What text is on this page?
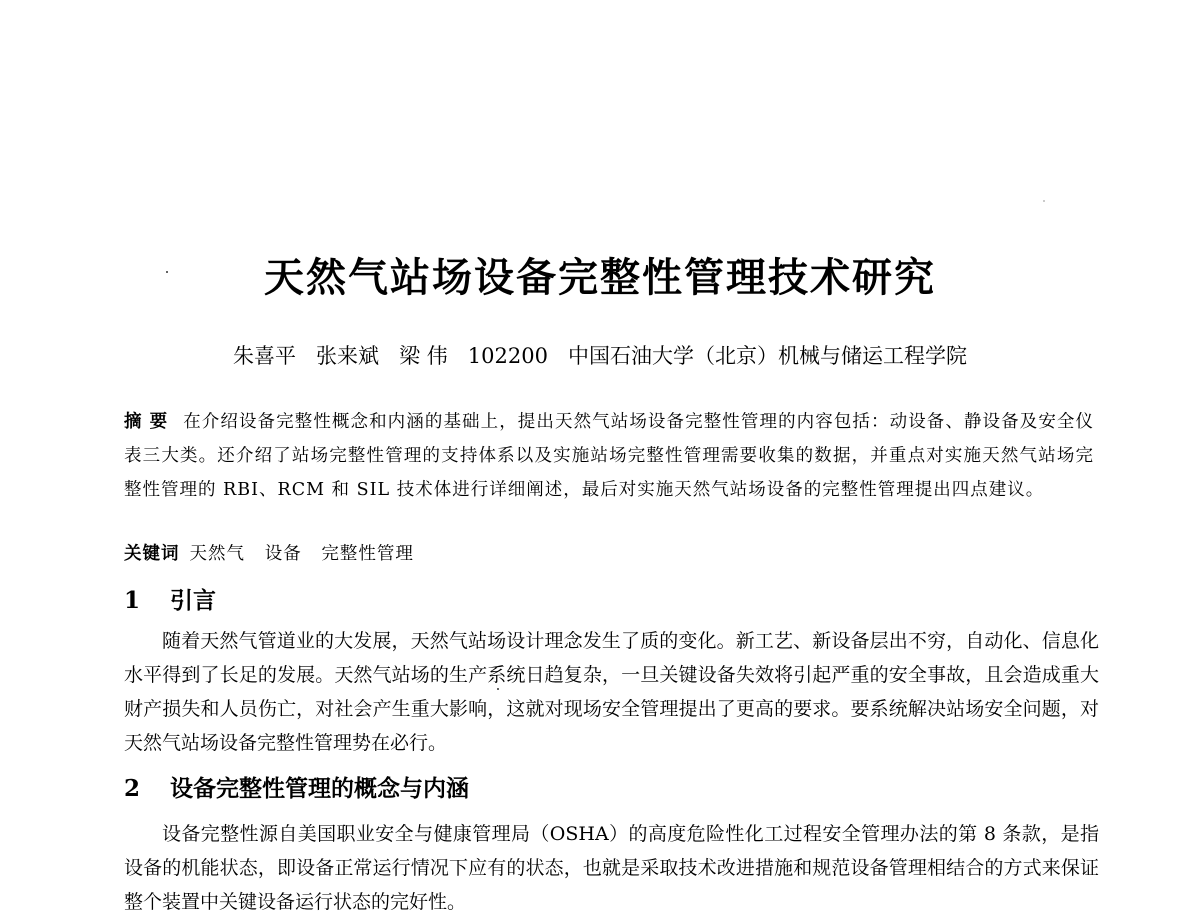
天然气站场设备完整性管理技术研究
朱喜平   张来斌   梁 伟   102200   中国石油大学（北京）机械与储运工程学院
摘要 在介绍设备完整性概念和内涵的基础上，提出天然气站场设备完整性管理的内容包括：动设备、静设备及安全仪表三大类。还介绍了站场完整性管理的支持体系以及实施站场完整性管理需要收集的数据，并重点对实施天然气站场完整性管理的 RBI、RCM 和 SIL 技术体进行详细阐述，最后对实施天然气站场设备的完整性管理提出四点建议。
关键词 天然气   设备   完整性管理
1 引言
随着天然气管道业的大发展，天然气站场设计理念发生了质的变化。新工艺、新设备层出不穷，自动化、信息化水平得到了长足的发展。天然气站场的生产系统日趋复杂，一旦关键设备失效将引起严重的安全事故，且会造成重大财产损失和人员伤亡，对社会产生重大影响，这就对现场安全管理提出了更高的要求。要系统解决站场安全问题，对天然气站场设备完整性管理势在必行。
2 设备完整性管理的概念与内涵
设备完整性源自美国职业安全与健康管理局（OSHA）的高度危险性化工过程安全管理办法的第 8 条款，是指设备的机能状态，即设备正常运行情况下应有的状态，也就是采取技术改进措施和规范设备管理相结合的方式来保证整个装置中关键设备运行状态的完好性。
